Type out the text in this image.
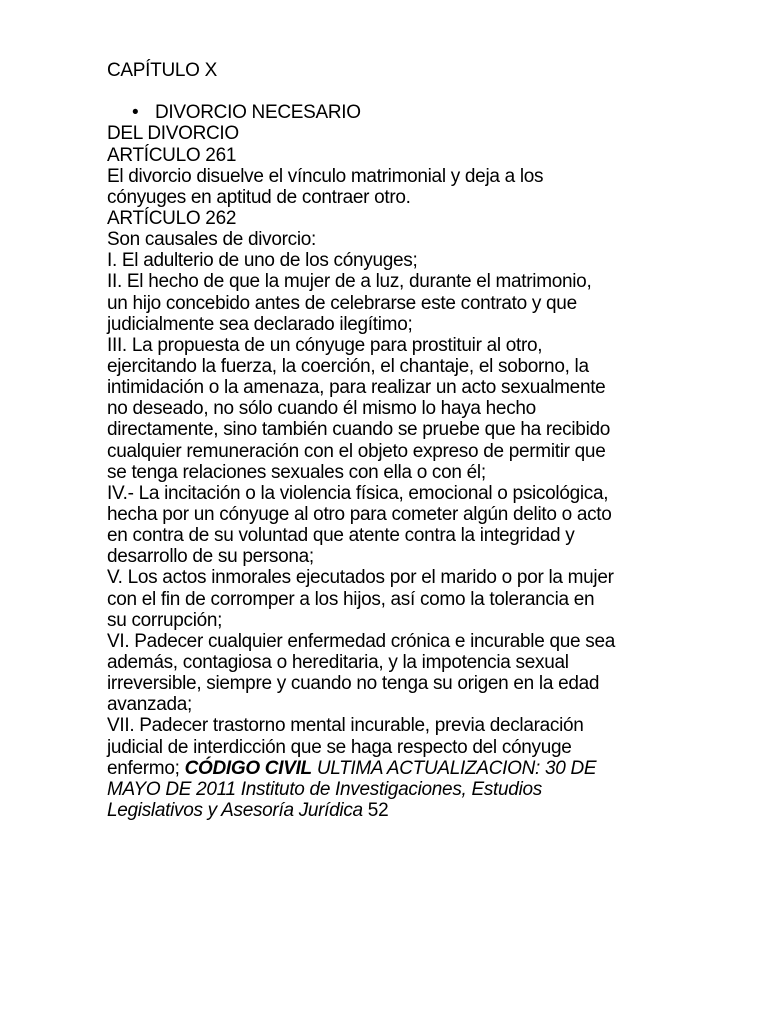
CAPÍTULO X

• DIVORCIO NECESARIO
DEL DIVORCIO
ARTÍCULO 261
El divorcio disuelve el vínculo matrimonial y deja a los
cónyuges en aptitud de contraer otro.
ARTÍCULO 262
Son causales de divorcio:
I. El adulterio de uno de los cónyuges;
II. El hecho de que la mujer de a luz, durante el matrimonio,
un hijo concebido antes de celebrarse este contrato y que
judicialmente sea declarado ilegítimo;
III. La propuesta de un cónyuge para prostituir al otro,
ejercitando la fuerza, la coerción, el chantaje, el soborno, la
intimidación o la amenaza, para realizar un acto sexualmente
no deseado, no sólo cuando él mismo lo haya hecho
directamente, sino también cuando se pruebe que ha recibido
cualquier remuneración con el objeto expreso de permitir que
se tenga relaciones sexuales con ella o con él;
IV.- La incitación o la violencia física, emocional o psicológica,
hecha por un cónyuge al otro para cometer algún delito o acto
en contra de su voluntad que atente contra la integridad y
desarrollo de su persona;
V. Los actos inmorales ejecutados por el marido o por la mujer
con el fin de corromper a los hijos, así como la tolerancia en
su corrupción;
VI. Padecer cualquier enfermedad crónica e incurable que sea
además, contagiosa o hereditaria, y la impotencia sexual
irreversible, siempre y cuando no tenga su origen en la edad
avanzada;
VII. Padecer trastorno mental incurable, previa declaración
judicial de interdicción que se haga respecto del cónyuge
enfermo; CÓDIGO CIVIL ULTIMA ACTUALIZACION: 30 DE
MAYO DE 2011 Instituto de Investigaciones, Estudios
Legislativos y Asesoría Jurídica 52
